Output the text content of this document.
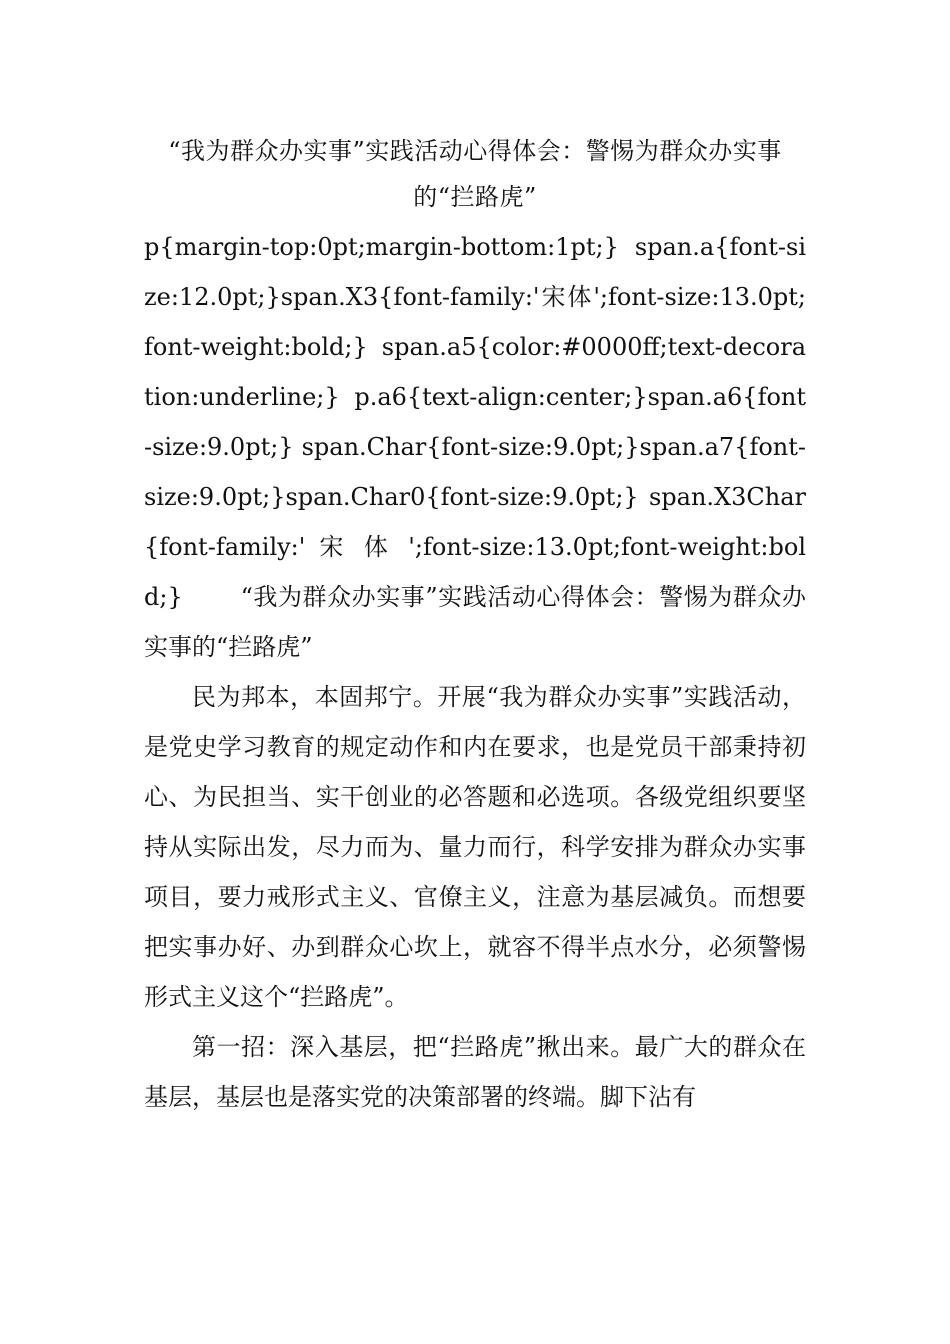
“我为群众办实事”实践活动心得体会：警惕为群众办实事
的“拦路虎”

p{margin-top:0pt;margin-bottom:1pt;} span.a{font-size:12.0pt;}span.X3{font-family:'宋体';font-size:13.0pt;font-weight:bold;} span.a5{color:#0000ff;text-decoration:underline;} p.a6{text-align:center;}span.a6{font-size:9.0pt;} span.Char{font-size:9.0pt;}span.a7{font-size:9.0pt;}span.Char0{font-size:9.0pt;} span.X3Char{font-family:' 宋 体 ';font-size:13.0pt;font-weight:bold;}　　 “我为群众办实事”实践活动心得体会：警惕为群众办实事的“拦路虎”

民为邦本，本固邦宁。开展“我为群众办实事”实践活动，是党史学习教育的规定动作和内在要求，也是党员干部秉持初心、为民担当、实干创业的必答题和必选项。各级党组织要坚持从实际出发，尽力而为、量力而行，科学安排为群众办实事项目，要力戒形式主义、官僚主义，注意为基层减负。而想要把实事办好、办到群众心坎上，就容不得半点水分，必须警惕形式主义这个“拦路虎”。

第一招：深入基层，把“拦路虎”揪出来。最广大的群众在基层，基层也是落实党的决策部署的终端。脚下沾有
